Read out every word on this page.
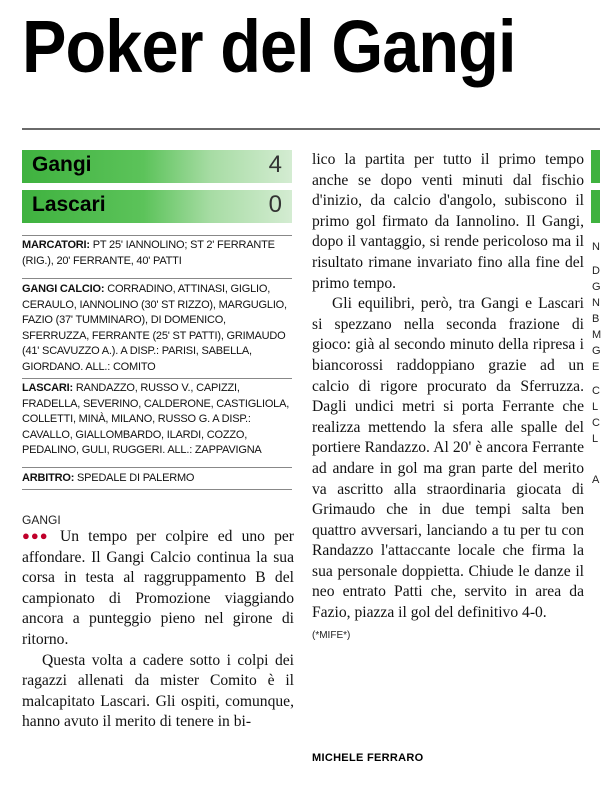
Poker del Gangi
Gangi	4
Lascari	0
MARCATORI: PT 25' IANNOLINO; ST 2' FERRANTE (RIG.), 20' FERRANTE, 40' PATTI
GANGI CALCIO: CORRADINO, ATTINASI, GIGLIO, CERAULO, IANNOLINO (30' ST RIZZO), MARGUGLIO, FAZIO (37' TUMMINARO), DI DOMENICO, SFERRUZZA, FERRANTE (25' ST PATTI), GRIMAUDO (41' SCAVUZZO A.). A DISP.: PARISI, SABELLA, GIORDANO. ALL.: COMITO
LASCARI: RANDAZZO, RUSSO V., CAPIZZI, FRADELLA, SEVERINO, CALDERONE, CASTIGLIOLA, COLLETTI, MINÀ, MILANO, RUSSO G. A DISP.: CAVALLO, GIALLOMBARDO, ILARDI, COZZO, PEDALINO, GULI, RUGGERI. ALL.: ZAPPAVIGNA
ARBITRO: SPEDALE DI PALERMO
GANGI
●●● Un tempo per colpire ed uno per affondare. Il Gangi Calcio continua la sua corsa in testa al raggruppamento B del campionato di Promozione viaggiando ancora a punteggio pieno nel girone di ritorno.

Questa volta a cadere sotto i colpi dei ragazzi allenati da mister Comito è il malcapitato Lascari. Gli ospiti, comunque, hanno avuto il merito di tenere in bi-

lico la partita per tutto il primo tempo anche se dopo venti minuti dal fischio d'inizio, da calcio d'angolo, subiscono il primo gol firmato da Iannolino. Il Gangi, dopo il vantaggio, si rende pericoloso ma il risultato rimane invariato fino alla fine del primo tempo.

Gli equilibri, però, tra Gangi e Lascari si spezzano nella seconda frazione di gioco: già al secondo minuto della ripresa i biancorossi raddoppiano grazie ad un calcio di rigore procurato da Sferruzza. Dagli undici metri si porta Ferrante che realizza mettendo la sfera alle spalle del portiere Randazzo. Al 20' è ancora Ferrante ad andare in gol ma gran parte del merito va ascritto alla straordinaria giocata di Grimaudo che in due tempi salta ben quattro avversari, lanciando a tu per tu con Randazzo l'attaccante locale che firma la sua personale doppietta. Chiude le danze il neo entrato Patti che, servito in area da Fazio, piazza il gol del definitivo 4-0.

(*MIFE*)
MICHELE FERRARO
N
D
G
N
B
M
G
E
C
L
C
L
A
